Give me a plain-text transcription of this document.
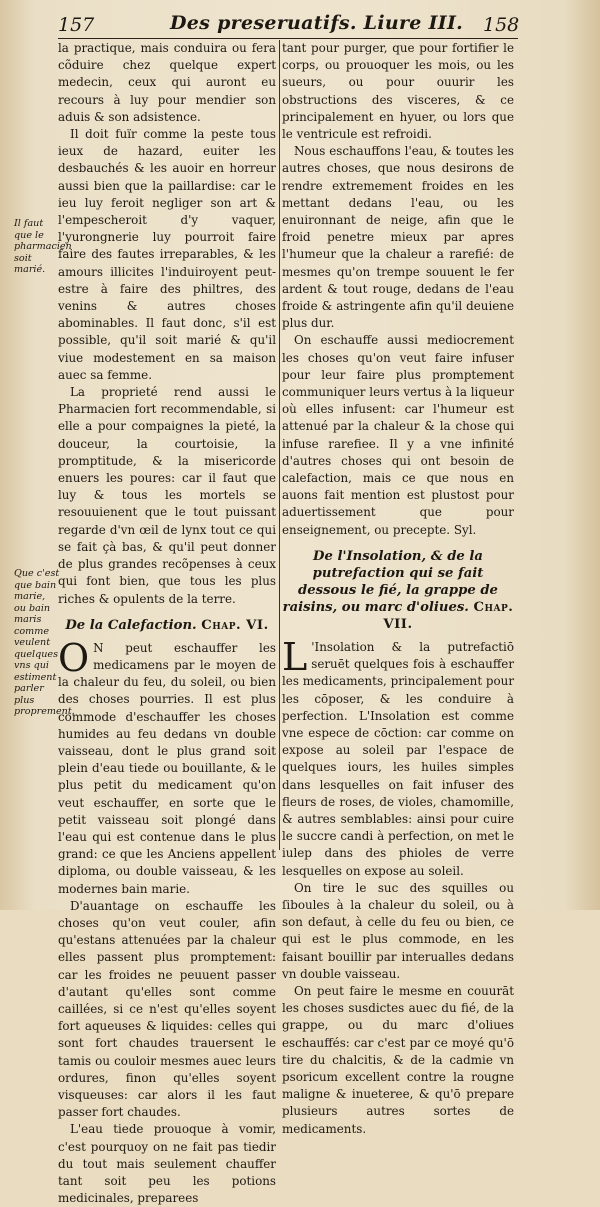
157	Des preseruatifs. Liure III. 158

la practique, mais conduira ou fera cõduire chez quelque expert medecin, ceux qui auront eu recours à luy pour mendier son aduis & son adsistence.

Il doit fuïr comme la peste tous ieux de hazard, euiter les desbauchés & les auoir en horreur aussi bien que la paillardise: car le ieu luy feroit negliger son art & l'empescheroit d'y vaquer, l'yurongnerie luy pourroit faire faire des fautes irreparables, & les amours illicites l'induiroyent peut-estre à faire des philtres, des venins & autres choses abominables. Il faut donc, s'il est possible, qu'il soit marié & qu'il viue modestement en sa maison auec sa femme.

La proprieté rend aussi le Pharmacien fort recommendable, si elle a pour compaignes la pieté, la douceur, la courtoisie, la promptitude, & la misericorde enuers les poures: car il faut que luy & tous les mortels se resouuienent que le tout puissant regarde d'vn œil de lynx tout ce qui se fait çà bas, & qu'il peut donner de plus grandes recõpenses à ceux qui font bien, que tous les plus riches & opulents de la terre.

De la Calefaction. Chap. VI.

O N peut eschauffer les medicamens par le moyen de la chaleur du feu, du soleil, ou bien des choses pourries. Il est plus commode d'eschauffer les choses humides au feu dedans vn double vaisseau, dont le plus grand soit plein d'eau tiede ou bouillante, & le plus petit du medicament qu'on veut eschauffer, en sorte que le petit vaisseau soit plongé dans l'eau qui est contenue dans le plus grand: ce que les Anciens appellent diploma, ou double vaisseau, & les modernes bain marie.

D'auantage on eschauffe les choses qu'on veut couler, afin qu'estans attenuées par la chaleur elles passent plus promptement: car les froides ne peuuent passer d'autant qu'elles sont comme caillées, si ce n'est qu'elles soyent fort aqueuses & liquides: celles qui sont fort chaudes trauersent le tamis ou couloir mesmes auec leurs ordures, finon qu'elles soyent visqueuses: car alors il les faut passer fort chaudes.

L'eau tiede prouoque à vomir, c'est pourquoy on ne fait pas tiedir du tout mais seulement chauffer tant soit peu les potions medicinales, preparees

Il faut que le pharmacien soit marié.
Que c'est que bain marie, ou bain maris comme veulent quelques vns qui estiment parler plus proprement.

tant pour purger, que pour fortifier le corps, ou prouoquer les mois, ou les sueurs, ou pour ouurir les obstructions des visceres, & ce principalement en hyuer, ou lors que le ventricule est refroidi.

Nous eschauffons l'eau, & toutes les autres choses, que nous desirons de rendre extremement froides en les mettant dedans l'eau, ou les enuironnant de neige, afin que le froid penetre mieux par apres l'humeur que la chaleur a rarefié: de mesmes qu'on trempe souuent le fer ardent & tout rouge, dedans de l'eau froide & astringente afin qu'il deuiene plus dur.

On eschauffe aussi mediocrement les choses qu'on veut faire infuser pour leur faire plus promptement communiquer leurs vertus à la liqueur où elles infusent: car l'humeur est attenué par la chaleur & la chose qui infuse rarefiee. Il y a vne infinité d'autres choses qui ont besoin de calefaction, mais ce que nous en auons fait mention est plustost pour aduertissement que pour enseignement, ou precepte. Syl.

De l'Insolation, & de la putrefaction qui se fait dessous le fié, la grappe de raisins, ou marc d'oliues. Chap. VII.

L 'Insolation & la putrefactiō seruēt quelques fois à eschauffer les medicaments, principalement pour les cōposer, & les conduire à perfection. L'Insolation est comme vne espece de cōction: car comme on expose au soleil par l'espace de quelques iours, les huiles simples dans lesquelles on fait infuser des fleurs de roses, de violes, chamomille, & autres semblables: ainsi pour cuire le succre candi à perfection, on met le iulep dans des phioles de verre lesquelles on expose au soleil.

On tire le suc des squilles ou ſiboules à la chaleur du soleil, ou à son defaut, à celle du feu ou bien, ce qui est le plus commode, en les faisant bouillir par interualles dedans vn double vaisseau.

On peut faire le mesme en couurāt les choses susdictes auec du fié, de la grappe, ou du marc d'oliues eschauffés: car c'est par ce moyé qu'ō tire du chalcitis, & de la cadmie vn psoricum excellent contre la rougne maligne & inueteree, & qu'ō prepare plusieurs autres sortes de medicaments.
